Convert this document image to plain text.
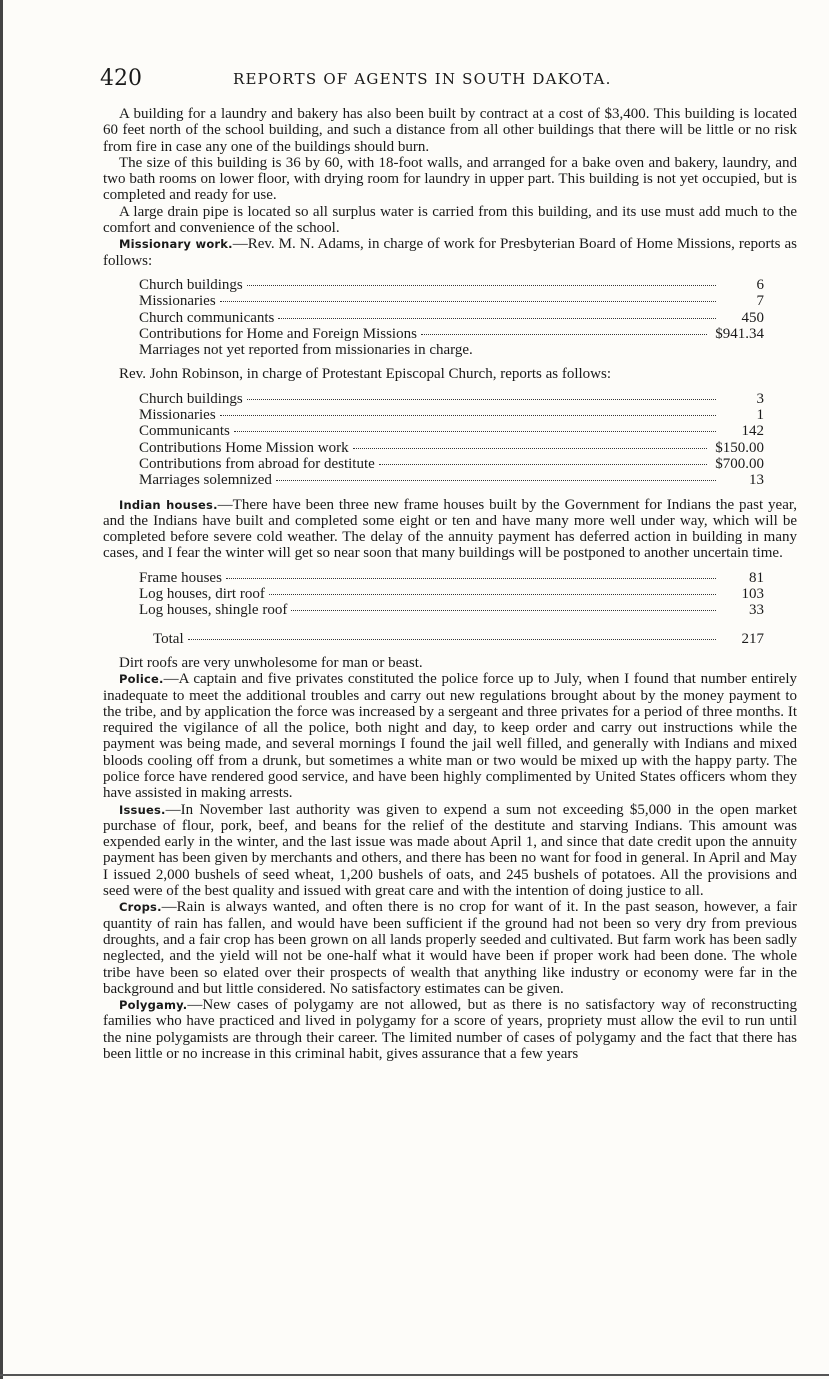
420	REPORTS OF AGENTS IN SOUTH DAKOTA.

A building for a laundry and bakery has also been built by contract at a cost of $3,400. This building is located 60 feet north of the school building, and such a distance from all other buildings that there will be little or no risk from fire in case any one of the buildings should burn.

The size of this building is 36 by 60, with 18-foot walls, and arranged for a bake oven and bakery, laundry, and two bath rooms on lower floor, with drying room for laundry in upper part. This building is not yet occupied, but is completed and ready for use.

A large drain pipe is located so all surplus water is carried from this building, and its use must add much to the comfort and convenience of the school.

Missionary work.—Rev. M. N. Adams, in charge of work for Presbyterian Board of Home Missions, reports as follows:

Church buildings	6
Missionaries	7
Church communicants	450
Contributions for Home and Foreign Missions	$941.34
Marriages not yet reported from missionaries in charge.

Rev. John Robinson, in charge of Protestant Episcopal Church, reports as follows:

Church buildings	3
Missionaries	1
Communicants	142
Contributions Home Mission work	$150.00
Contributions from abroad for destitute	$700.00
Marriages solemnized	13

Indian houses.—There have been three new frame houses built by the Government for Indians the past year, and the Indians have built and completed some eight or ten and have many more well under way, which will be completed before severe cold weather. The delay of the annuity payment has deferred action in building in many cases, and I fear the winter will get so near soon that many buildings will be postponed to another uncertain time.

Frame houses	81
Log houses, dirt roof	103
Log houses, shingle roof	33
Total	217

Dirt roofs are very unwholesome for man or beast.

Police.—A captain and five privates constituted the police force up to July, when I found that number entirely inadequate to meet the additional troubles and carry out new regulations brought about by the money payment to the tribe, and by application the force was increased by a sergeant and three privates for a period of three months. It required the vigilance of all the police, both night and day, to keep order and carry out instructions while the payment was being made, and several mornings I found the jail well filled, and generally with Indians and mixed bloods cooling off from a drunk, but sometimes a white man or two would be mixed up with the happy party. The police force have rendered good service, and have been highly complimented by United States officers whom they have assisted in making arrests.

Issues.—In November last authority was given to expend a sum not exceeding $5,000 in the open market purchase of flour, pork, beef, and beans for the relief of the destitute and starving Indians. This amount was expended early in the winter, and the last issue was made about April 1, and since that date credit upon the annuity payment has been given by merchants and others, and there has been no want for food in general. In April and May I issued 2,000 bushels of seed wheat, 1,200 bushels of oats, and 245 bushels of potatoes. All the provisions and seed were of the best quality and issued with great care and with the intention of doing justice to all.

Crops.—Rain is always wanted, and often there is no crop for want of it. In the past season, however, a fair quantity of rain has fallen, and would have been sufficient if the ground had not been so very dry from previous droughts, and a fair crop has been grown on all lands properly seeded and cultivated. But farm work has been sadly neglected, and the yield will not be one-half what it would have been if proper work had been done. The whole tribe have been so elated over their prospects of wealth that anything like industry or economy were far in the background and but little considered. No satisfactory estimates can be given.

Polygamy.—New cases of polygamy are not allowed, but as there is no satisfactory way of reconstructing families who have practiced and lived in polygamy for a score of years, propriety must allow the evil to run until the nine polygamists are through their career. The limited number of cases of polygamy and the fact that there has been little or no increase in this criminal habit, gives assurance that a few years
